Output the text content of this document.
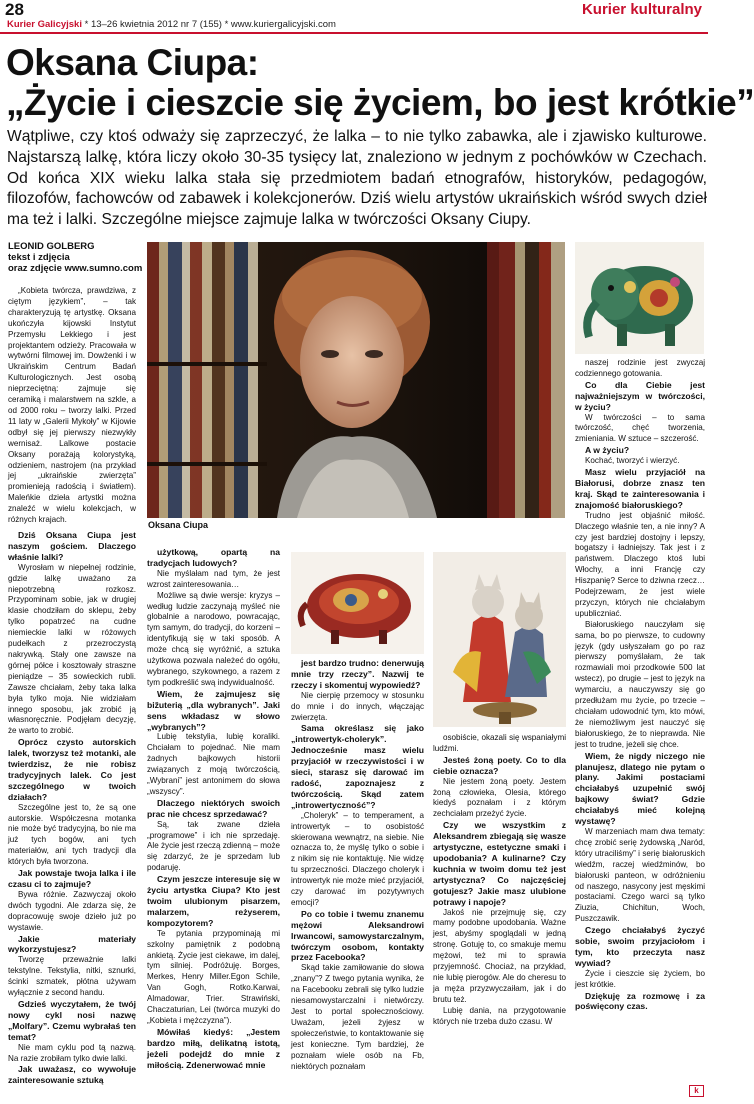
28
Kurier Galicyjski * 13–26 kwietnia 2012 nr 7 (155) * www.kuriergalicyjski.com
Kurier kulturalny
Oksana Ciupa:
„Życie i cieszcie się życiem, bo jest krótkie”

Wątpliwe, czy ktoś odważy się zaprzeczyć, że lalka – to nie tylko zabawka, ale i zjawisko kulturowe. Najstarszą lalkę, która liczy około 30-35 tysięcy lat, znaleziono w jednym z pochówków w Czechach. Od końca XIX wieku lalka stała się przedmiotem badań etnografów, historyków, pedagogów, filozofów, fachowców od zabawek i kolekcjonerów. Dziś wielu artystów ukraińskich wśród swych dzieł ma też i lalki. Szczególne miejsce zajmuje lalka w twórczości Oksany Ciupy.

LEONID GOLBERG
tekst i zdjęcia
oraz zdjęcie www.sumno.com

„Kobieta twórcza, prawdziwa, z ciętym językiem”, – tak charakteryzują tę artystkę. Oksana ukończyła kijowski Instytut Przemysłu Lekkiego i jest projektantem odzieży. Pracowała w wytwórni filmowej im. Dowżenki i w Ukraińskim Centrum Badań Kulturologicznych. Jest osobą nieprzeciętną: zajmuje się ceramiką i malarstwem na szkle, a od 2000 roku – tworzy lalki. Przed 11 laty w „Galerii Mykoły” w Kijowie odbył się jej pierwszy niezwykły wernisaż. Lalkowe postacie Oksany porażają kolorystyką, odzieniem, nastrojem (na przykład jej „ukraińskie zwierzęta” promienieją radością i światłem). Maleńkie dzieła artystki można znaleźć w wielu kolekcjach, w różnych krajach.

Oksana Ciupa

naszej rodzinie jest zwyczaj codziennego gotowania.

Co dla Ciebie jest najważniejszym w twórczości, w życiu?

W twórczości – to sama twórczość, chęć tworzenia, zmieniania. W sztuce – szczerość.

A w życiu?

Kochać, tworzyć i wierzyć.

Masz wielu przyjaciół na Białorusi, dobrze znasz ten kraj. Skąd te zainteresowania i znajomość białoruskiego?

Trudno jest objaśnić miłość. Dlaczego właśnie ten, a nie inny? A czy jest bardziej dostojny i lepszy, bogatszy i ładniejszy. Tak jest i z państwem. Dlaczego ktoś lubi Włochy, a inni Francję czy Hiszpanię? Serce to dziwna rzecz… Podejrzewam, że jest wiele przyczyn, których nie chciałabym upubliczniać.

Białoruskiego nauczyłam się sama, bo po pierwsze, to cudowny język (gdy usłyszałam go po raz pierwszy pomyślałam, że tak rozmawiali moi przodkowie 500 lat wstecz), po drugie – jest to język na wymarciu, a nauczywszy się go przedłużam mu życie, po trzecie – chciałam udowodnić tym, kto mówi, że niemożliwym jest nauczyć się białoruskiego, że to nieprawda. Nie jest to trudne, jeżeli się chce.

Wiem, że nigdy niczego nie planujesz, dlatego nie pytam o plany. Jakimi postaciami chciałabyś uzupełnić swój bajkowy świat? Gdzie chciałabyś mieć kolejną wystawę?

W marzeniach mam dwa tematy: chcę zrobić serię żydowską „Naród, który utraciliśmy” i serię białoruskich wiedźm, raczej wiedźminów, bo białoruski panteon, w odróżnieniu od naszego, nasycony jest męskimi postaciami. Czego warci są tylko Ziuzia, Chichitun, Woch, Puszczawik.

Czego chciałabyś życzyć sobie, swoim przyjaciołom i tym, kto przeczyta nasz wywiad?

Życie i cieszcie się życiem, bo jest krótkie.

Dziękuję za rozmowę i za poświęcony czas.

Dziś Oksana Ciupa jest naszym gościem. Dlaczego właśnie lalki?

Wyrosłam w niepełnej rodzinie, gdzie lalkę uważano za niepotrzebną rozkosz. Przypominam sobie, jak w drugiej klasie chodziłam do sklepu, żeby tylko popatrzeć na cudne niemieckie lalki w różowych pudełkach z przezroczystą nakrywką. Stały one zawsze na górnej półce i kosztowały straszne pieniądze – 35 sowieckich rubli. Zawsze chciałam, żeby taka lalka była tylko moja. Nie widziałam innego sposobu, jak zrobić ją własnoręcznie. Podjęłam decyzję, że warto to zrobić.

Oprócz czysto autorskich lalek, tworzysz też motanki, ale twierdzisz, że nie robisz tradycyjnych lalek. Co jest szczególnego w twoich działach?

Szczególne jest to, że są one autorskie. Współczesna motanka nie może być tradycyjną, bo nie ma już tych bogów, ani tych materiałów, ani tych tradycji dla których była tworzona.

Jak powstaje twoja lalka i ile czasu ci to zajmuje?

Bywa różnie. Zazwyczaj około dwóch tygodni. Ale zdarza się, że dopracowuję swoje dzieło już po wystawie.

Jakie materiały wykorzystujesz?

Tworzę przeważnie lalki tekstylne. Tekstylia, nitki, sznurki, ścinki szmatek, płótna używam wyłącznie z second handu.

Gdzieś wyczytałem, że twój nowy cykl nosi nazwę „Molfary”. Czemu wybrałaś ten temat?

Nie mam cyklu pod tą nazwą. Na razie zrobiłam tylko dwie lalki.

Jak uważasz, co wywołuje zainteresowanie sztuką

użytkową, opartą na tradycjach ludowych?

Nie myślałam nad tym, że jest wzrost zainteresowania…

Możliwe są dwie wersje: kryzys – według ludzie zaczynają myśleć nie globalnie a narodowo, powracając, tym samym, do tradycji, do korzeni – identyfikują się w taki sposób. A może chcą się wyróżnić, a sztuka użytkowa pozwala należeć do ogółu, wybranego, szykownego, a razem z tym podkreślić swą indywidualność.

Wiem, że zajmujesz się bižuterią „dla wybranych”. Jaki sens wkładasz w słowo „wybranych”?

Lubię tekstylia, lubię koraliki. Chciałam to pojednać. Nie mam żadnych bajkowych historii związanych z moją twórczością, „Wybrani” jest antonimem do słowa „wszyscy”.

Dlaczego niektórych swoich prac nie chcesz sprzedawać?

Są, tak zwane dzieła „programowe” i ich nie sprzedaję. Ale życie jest rzeczą zdienną – może się zdarzyć, że je sprzedam lub podaruję.

Czym jeszcze interesuje się w życiu artystka Ciupa? Kto jest twoim ulubionym pisarzem, malarzem, reżyserem, kompozytorem?

Te pytania przypominają mi szkolny pamiętnik z podobną ankietą. Życie jest ciekawe, im dalej, tym silniej. Podróżuję. Borges, Merkes, Henry Miller.Egon Schile, Van Gogh, Rotko.Karwai, Almadowar, Trier. Strawiński, Chaczaturian, Lei (twórca muzyki do „Kobieta i mężczyzna”).

Mówiłaś kiedyś: „Jestem bardzo miłą, delikatną istotą, jeżeli podejdź do mnie z miłością. Zdenerwować mnie

jest bardzo trudno: denerwują mnie trzy rzeczy”. Nazwij te rzeczy i skomentuj wypowiedź?

Nie cierpię przemocy w stosunku do mnie i do innych, włączając zwierzęta.

Sama określasz się jako „introwertyk-choleryk”. Jednocześnie masz wielu przyjaciół w rzeczywistości i w sieci, starasz się darować im radość, zapoznajesz z twórczością. Skąd zatem „introwertyczność”?

„Choleryk” – to temperament, a introwertyk – to osobistość skierowana wewnątrz, na siebie. Nie oznacza to, że myślę tylko o sobie i z nikim się nie kontaktuję. Nie widzę tu sprzeczności. Dlaczego choleryk i introwertyk nie może mieć przyjaciół, czy darować im pozytywnych emocji?

Po co tobie i twemu znanemu mężowi Aleksandrowi Irwancowi, samowystarczalnym, twórczym osobom, kontakty przez Facebooka?

Skąd takie zamiłowanie do słowa „znany”? Z twego pytania wynika, że na Facebooku zebrali się tylko ludzie niesamowystarczalni i nietwórczy. Jest to portal społecznościowy. Uważam, jeżeli żyjesz w społeczeństwie, to kontaktowanie się jest konieczne. Tym bardziej, że poznałam wiele osób na Fb, niektórych poznałam

osobiście, okazali się wspaniałymi ludźmi.

Jesteś żoną poety. Co to dla ciebie oznacza?

Nie jestem żoną poety. Jestem żoną człowieka, Olesia, którego kiedyś poznałam i z którym zechciałam przeżyć życie.

Czy we wszystkim z Aleksandrem zbiegają się wasze artystyczne, estetyczne smaki i upodobania? A kulinarne? Czy kuchnia w twoim domu też jest artystyczna? Co najczęściej gotujesz? Jakie masz ulubione potrawy i napoje?

Jakoś nie przejmuję się, czy mamy podobne upodobania. Ważne jest, abyśmy spoglądali w jedną stronę. Gotuję to, co smakuje memu mężowi, też mi to sprawia przyjemność. Chociaż, na przykład, nie lubię pierogów. Ale do cheresu to ja męża przyzwyczaiłam, jak i do brutu też.

Lubię dania, na przygotowanie których nie trzeba dużo czasu. W

k
